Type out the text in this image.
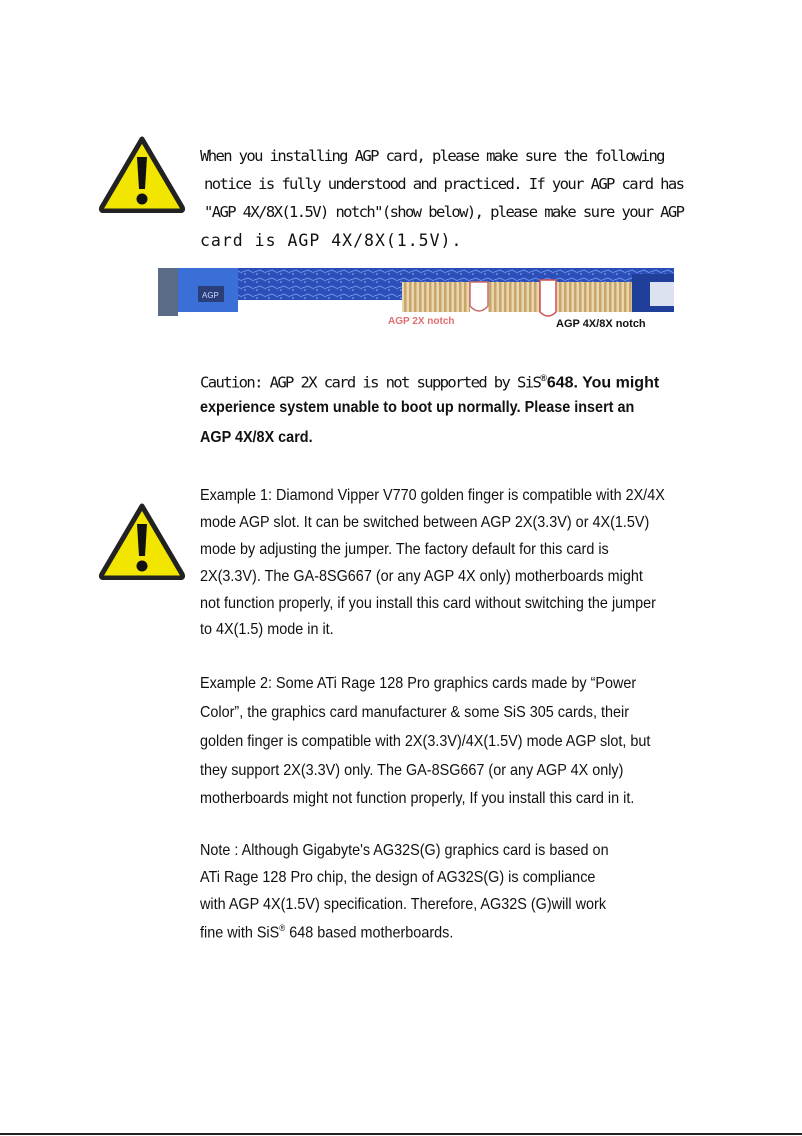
When you installing AGP card, please make sure the following
notice is fully understood and practiced. If your AGP card has
"AGP 4X/8X(1.5V) notch"(show below), please make sure your AGP
card is AGP 4X/8X(1.5V).
AGP
AGP 2X notch	AGP 4X/8X notch
Caution: AGP 2X card is not supported by SiS®648. You might
experience system unable to boot up normally. Please insert an
AGP 4X/8X card.
Example 1: Diamond Vipper V770 golden finger is compatible with 2X/4X
mode AGP slot. It can be switched between AGP 2X(3.3V) or 4X(1.5V)
mode by adjusting the jumper. The factory default for this card is
2X(3.3V). The GA-8SG667 (or any AGP 4X only) motherboards might
not function properly, if you install this card without switching the jumper
to 4X(1.5) mode in it.
Example 2: Some ATi Rage 128 Pro graphics cards made by “Power
Color”, the graphics card manufacturer & some SiS 305 cards, their
golden finger is compatible with 2X(3.3V)/4X(1.5V) mode AGP slot, but
they support 2X(3.3V) only. The GA-8SG667 (or any AGP 4X only)
motherboards might not function properly, If you install this card in it.
Note : Although Gigabyte's AG32S(G) graphics card is based on
ATi Rage 128 Pro chip, the design of AG32S(G) is compliance
with AGP 4X(1.5V) specification. Therefore, AG32S (G)will work
fine with SiS® 648 based motherboards.
